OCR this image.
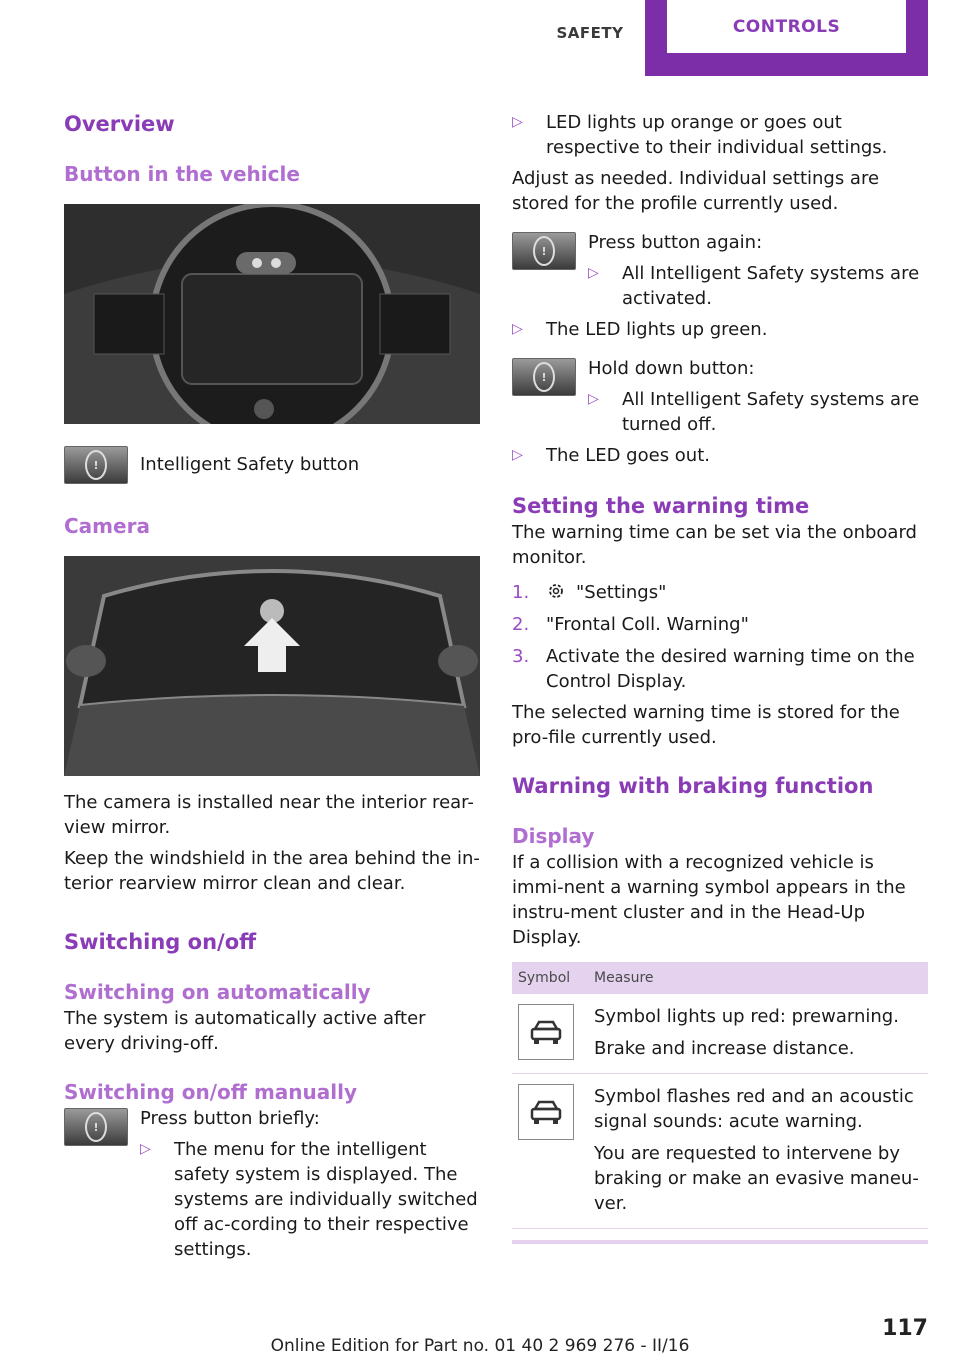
SAFETY	CONTROLS
Overview
Button in the vehicle
!	Intelligent Safety button

Camera

The camera is installed near the interior rear-view mirror.

Keep the windshield in the area behind the in-terior rearview mirror clean and clear.

Switching on/off
Switching on automatically

The system is automatically active after every driving-off.

Switching on/off manually
!	Press button briefly:

▷	The menu for the intelligent safety system is displayed. The systems are individually switched off ac-cording to their respective settings.
▷	LED lights up orange or goes out respective to their individual settings.

Adjust as needed. Individual settings are stored for the profile currently used.

!	Press button again:

▷	All Intelligent Safety systems are activated.
▷	The LED lights up green.
!	Hold down button:

▷	All Intelligent Safety systems are turned off.
▷	The LED goes out.
Setting the warning time

The warning time can be set via the onboard monitor.

1.	"Settings"
2. "Frontal Coll. Warning"
3. Activate the desired warning time on the Control Display.

The selected warning time is stored for the pro-file currently used.

Warning with braking function
Display

If a collision with a recognized vehicle is immi-nent a warning symbol appears in the instru-ment cluster and in the Head-Up Display.

Symbol	Measure

Symbol lights up red: prewarning.
Brake and increase distance.

Symbol flashes red and an acoustic signal sounds: acute warning.
You are requested to intervene by braking or make an evasive maneu-ver.
117
Online Edition for Part no. 01 40 2 969 276 - II/16
